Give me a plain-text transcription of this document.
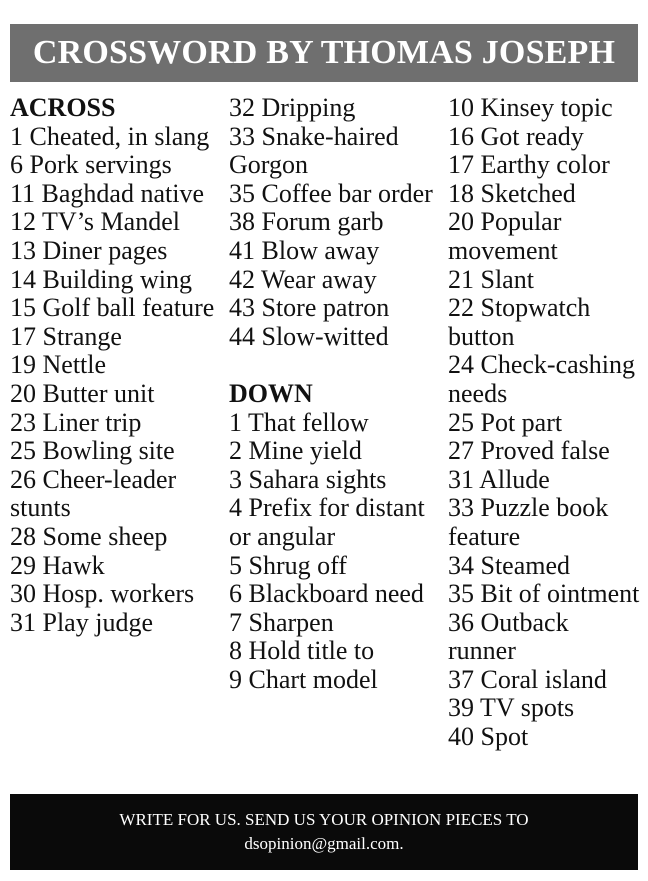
CROSSWORD BY THOMAS JOSEPH

ACROSS

1 Cheated, in slang

6 Pork servings

11 Baghdad native

12 TV’s Mandel

13 Diner pages

14 Building wing

15 Golf ball feature

17 Strange

19 Nettle

20 Butter unit

23 Liner trip

25 Bowling site

26 Cheer-leader stunts

28 Some sheep

29 Hawk

30 Hosp. workers

31 Play judge

32 Dripping

33 Snake-haired Gorgon

35 Coffee bar order

38 Forum garb

41 Blow away

42 Wear away

43 Store patron

44 Slow-witted

DOWN

1 That fellow

2 Mine yield

3 Sahara sights

4 Prefix for distant or angular

5 Shrug off

6 Blackboard need

7 Sharpen

8 Hold title to

9 Chart model

10 Kinsey topic

16 Got ready

17 Earthy color

18 Sketched

20 Popular movement

21 Slant

22 Stopwatch button

24 Check-cashing needs

25 Pot part

27 Proved false

31 Allude

33 Puzzle book feature

34 Steamed

35 Bit of ointment

36 Outback runner

37 Coral island

39 TV spots

40 Spot

WRITE FOR US. SEND US YOUR OPINION PIECES TO
dsopinion@gmail.com.
